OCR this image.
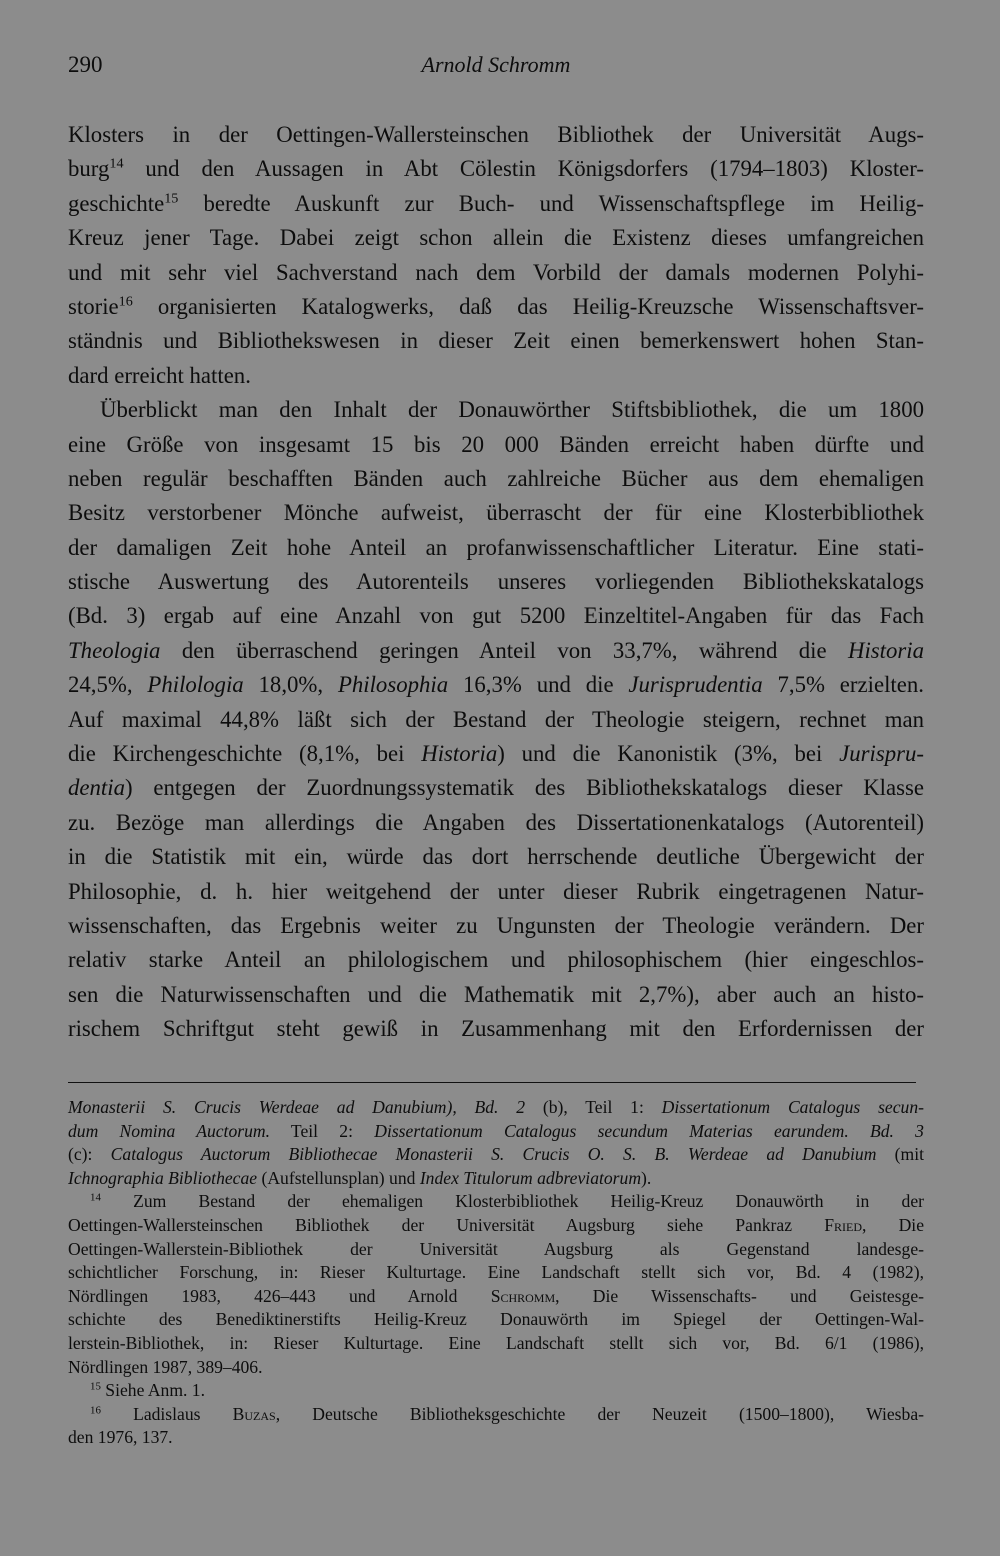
290	Arnold Schromm
Klosters in der Oettingen-Wallersteinschen Bibliothek der Universität Augs-
burg$^{14}$ und den Aussagen in Abt Cölestin Königsdorfers (1794–1803) Kloster-
geschichte$^{15}$ beredte Auskunft zur Buch- und Wissenschaftspflege im Heilig-
Kreuz jener Tage. Dabei zeigt schon allein die Existenz dieses umfangreichen
und mit sehr viel Sachverstand nach dem Vorbild der damals modernen Polyhi-
storie$^{16}$ organisierten Katalogwerks, daß das Heilig-Kreuzsche Wissenschaftsver-
ständnis und Bibliothekswesen in dieser Zeit einen bemerkenswert hohen Stan-
dard erreicht hatten.
Überblickt man den Inhalt der Donauwörther Stiftsbibliothek, die um 1800
eine Größe von insgesamt 15 bis 20 000 Bänden erreicht haben dürfte und
neben regulär beschafften Bänden auch zahlreiche Bücher aus dem ehemaligen
Besitz verstorbener Mönche aufweist, überrascht der für eine Klosterbibliothek
der damaligen Zeit hohe Anteil an profanwissenschaftlicher Literatur. Eine stati-
stische Auswertung des Autorenteils unseres vorliegenden Bibliothekskatalogs
(Bd. 3) ergab auf eine Anzahl von gut 5200 Einzeltitel-Angaben für das Fach
Theologia den überraschend geringen Anteil von 33,7%, während die Historia
24,5%, Philologia 18,0%, Philosophia 16,3% und die Jurisprudentia 7,5% erzielten.
Auf maximal 44,8% läßt sich der Bestand der Theologie steigern, rechnet man
die Kirchengeschichte (8,1%, bei Historia) und die Kanonistik (3%, bei Jurispru-
dentia) entgegen der Zuordnungssystematik des Bibliothekskatalogs dieser Klasse
zu. Bezöge man allerdings die Angaben des Dissertationenkatalogs (Autorenteil)
in die Statistik mit ein, würde das dort herrschende deutliche Übergewicht der
Philosophie, d. h. hier weitgehend der unter dieser Rubrik eingetragenen Natur-
wissenschaften, das Ergebnis weiter zu Ungunsten der Theologie verändern. Der
relativ starke Anteil an philologischem und philosophischem (hier eingeschlos-
sen die Naturwissenschaften und die Mathematik mit 2,7%), aber auch an histo-
rischem Schriftgut steht gewiß in Zusammenhang mit den Erfordernissen der
Monasterii S. Crucis Werdeae ad Danubium), Bd. 2 (b), Teil 1: Dissertationum Catalogus secun-
dum Nomina Auctorum. Teil 2: Dissertationum Catalogus secundum Materias earundem. Bd. 3
(c): Catalogus Auctorum Bibliothecae Monasterii S. Crucis O. S. B. Werdeae ad Danubium (mit
Ichnographia Bibliothecae (Aufstellunsplan) und Index Titulorum adbreviatorum).
$^{14}$ Zum Bestand der ehemaligen Klosterbibliothek Heilig-Kreuz Donauwörth in der
Oettingen-Wallersteinschen Bibliothek der Universität Augsburg siehe Pankraz Fried, Die
Oettingen-Wallerstein-Bibliothek der Universität Augsburg als Gegenstand landesge-
schichtlicher Forschung, in: Rieser Kulturtage. Eine Landschaft stellt sich vor, Bd. 4 (1982),
Nördlingen 1983, 426–443 und Arnold Schromm, Die Wissenschafts- und Geistesge-
schichte des Benediktinerstifts Heilig-Kreuz Donauwörth im Spiegel der Oettingen-Wal-
lerstein-Bibliothek, in: Rieser Kulturtage. Eine Landschaft stellt sich vor, Bd. 6/1 (1986),
Nördlingen 1987, 389–406.
$^{15}$ Siehe Anm. 1.
$^{16}$ Ladislaus Buzas, Deutsche Bibliotheksgeschichte der Neuzeit (1500–1800), Wiesba-
den 1976, 137.
